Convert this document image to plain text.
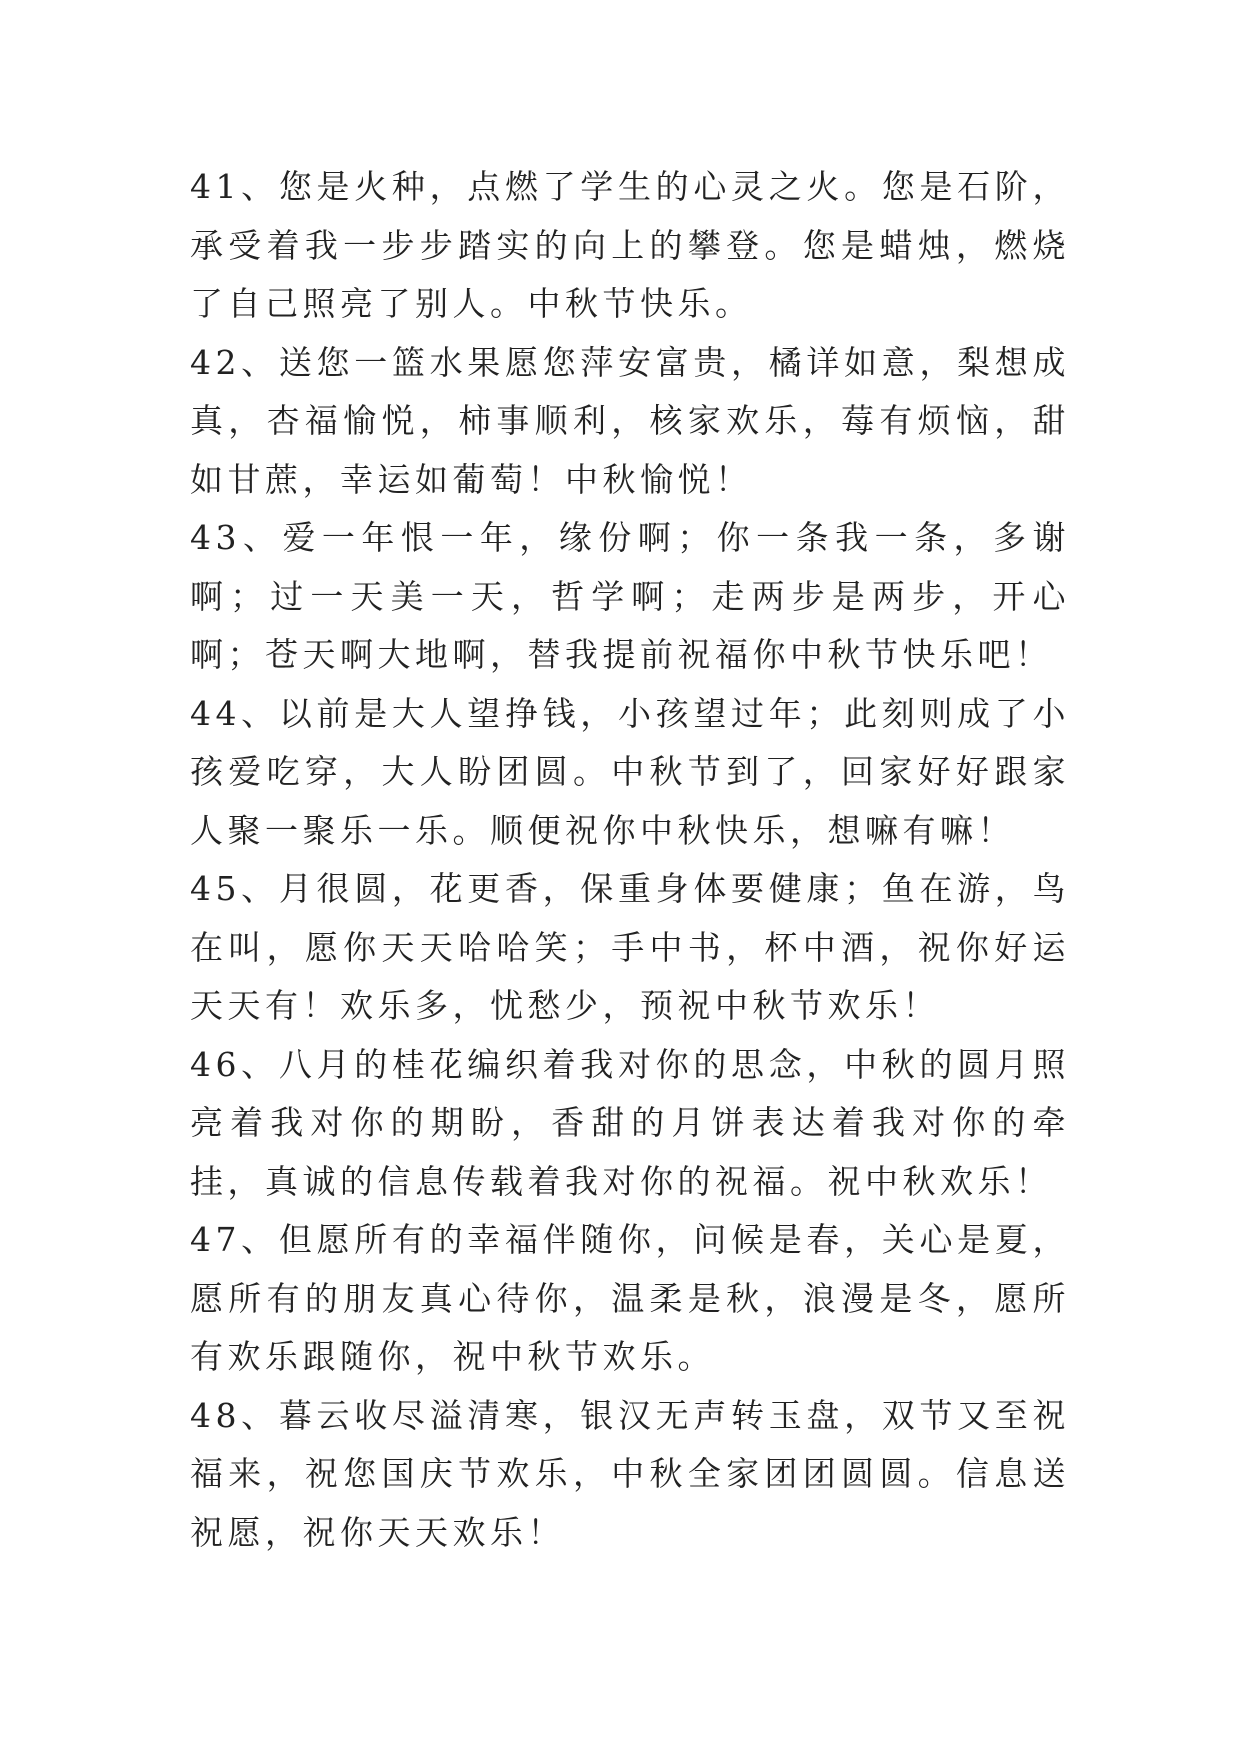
41、您是火种，点燃了学生的心灵之火。您是石阶，承受着我一步步踏实的向上的攀登。您是蜡烛，燃烧了自己照亮了别人。中秋节快乐。

42、送您一篮水果愿您萍安富贵，橘详如意，梨想成真，杏福愉悦，柿事顺利，核家欢乐，莓有烦恼，甜如甘蔗，幸运如葡萄！中秋愉悦！

43、爱一年恨一年，缘份啊；你一条我一条，多谢啊；过一天美一天，哲学啊；走两步是两步，开心啊；苍天啊大地啊，替我提前祝福你中秋节快乐吧！

44、以前是大人望挣钱，小孩望过年；此刻则成了小孩爱吃穿，大人盼团圆。中秋节到了，回家好好跟家人聚一聚乐一乐。顺便祝你中秋快乐，想嘛有嘛！

45、月很圆，花更香，保重身体要健康；鱼在游，鸟在叫，愿你天天哈哈笑；手中书，杯中酒，祝你好运天天有！欢乐多，忧愁少，预祝中秋节欢乐！

46、八月的桂花编织着我对你的思念，中秋的圆月照亮着我对你的期盼，香甜的月饼表达着我对你的牵挂，真诚的信息传载着我对你的祝福。祝中秋欢乐！

47、但愿所有的幸福伴随你，问候是春，关心是夏，愿所有的朋友真心待你，温柔是秋，浪漫是冬，愿所有欢乐跟随你，祝中秋节欢乐。

48、暮云收尽溢清寒，银汉无声转玉盘，双节又至祝福来，祝您国庆节欢乐，中秋全家团团圆圆。信息送祝愿，祝你天天欢乐！
